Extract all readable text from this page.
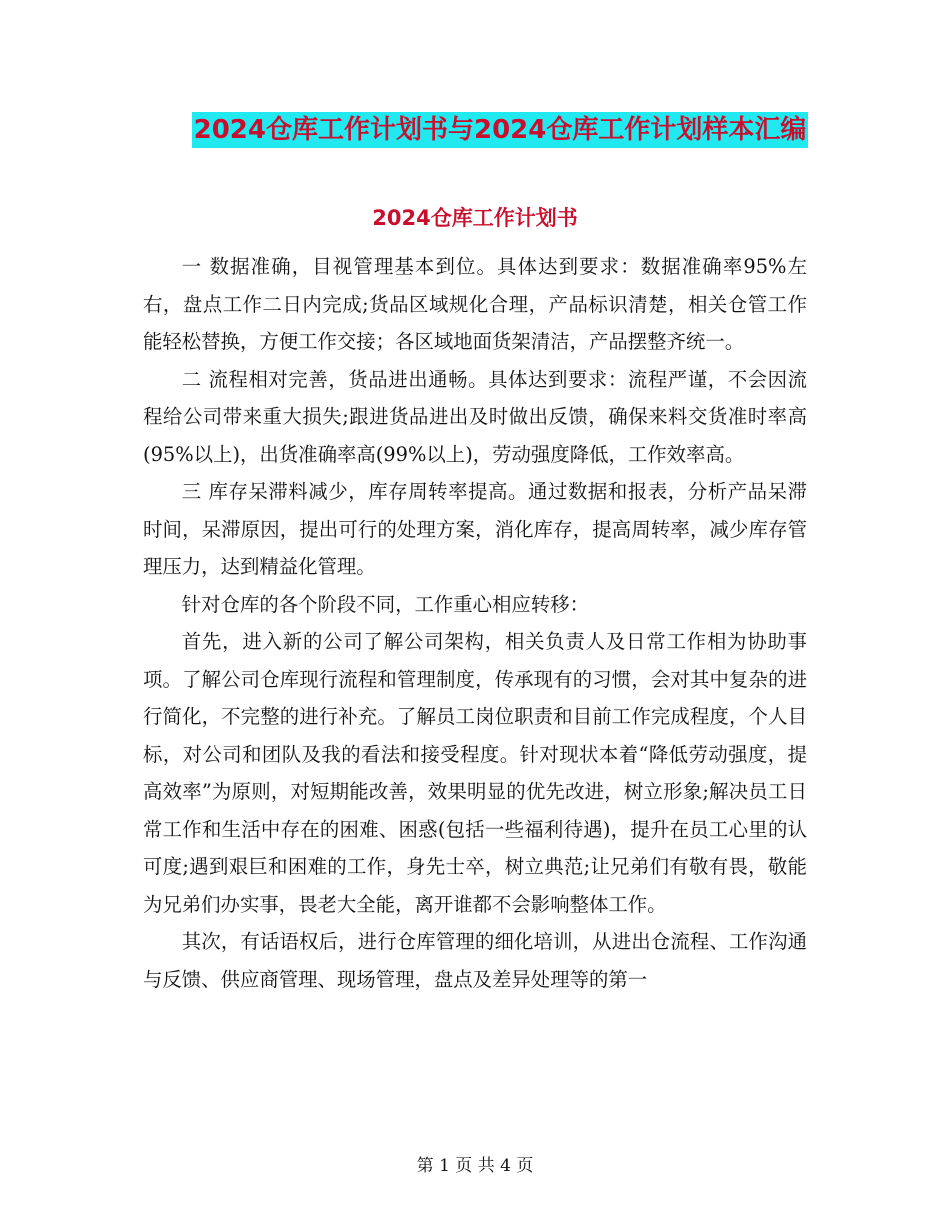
2024仓库工作计划书与2024仓库工作计划样本汇编
2024仓库工作计划书

一 数据准确，目视管理基本到位。具体达到要求：数据准确率95%左右，盘点工作二日内完成;货品区域规化合理，产品标识清楚，相关仓管工作能轻松替换，方便工作交接；各区域地面货架清洁，产品摆整齐统一。

二 流程相对完善，货品进出通畅。具体达到要求：流程严谨，不会因流程给公司带来重大损失;跟进货品进出及时做出反馈，确保来料交货准时率高(95%以上)，出货准确率高(99%以上)，劳动强度降低，工作效率高。

三 库存呆滞料减少，库存周转率提高。通过数据和报表，分析产品呆滞时间，呆滞原因，提出可行的处理方案，消化库存，提高周转率，减少库存管理压力，达到精益化管理。

针对仓库的各个阶段不同，工作重心相应转移：

首先，进入新的公司了解公司架构，相关负责人及日常工作相为协助事项。了解公司仓库现行流程和管理制度，传承现有的习惯，会对其中复杂的进行简化，不完整的进行补充。了解员工岗位职责和目前工作完成程度，个人目标，对公司和团队及我的看法和接受程度。针对现状本着“降低劳动强度，提高效率”为原则，对短期能改善，效果明显的优先改进，树立形象;解决员工日常工作和生活中存在的困难、困惑(包括一些福利待遇)，提升在员工心里的认可度;遇到艰巨和困难的工作，身先士卒，树立典范;让兄弟们有敬有畏，敬能为兄弟们办实事，畏老大全能，离开谁都不会影响整体工作。

其次，有话语权后，进行仓库管理的细化培训，从进出仓流程、工作沟通与反馈、供应商管理、现场管理，盘点及差异处理等的第一

第 1 页 共 4 页
